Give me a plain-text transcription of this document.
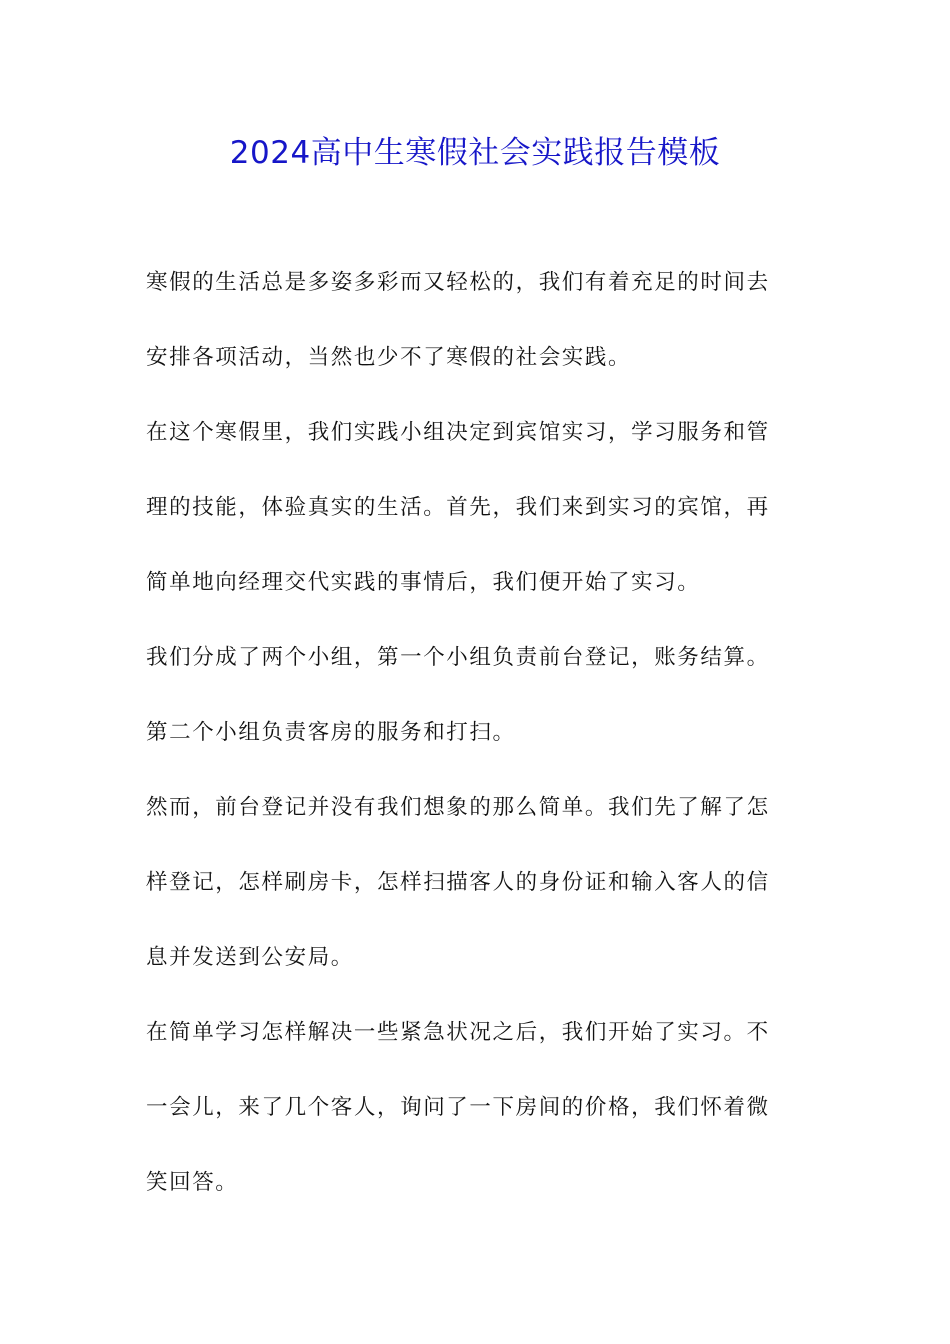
2024高中生寒假社会实践报告模板
寒假的生活总是多姿多彩而又轻松的，我们有着充足的时间去
安排各项活动，当然也少不了寒假的社会实践。
在这个寒假里，我们实践小组决定到宾馆实习，学习服务和管
理的技能，体验真实的生活。首先，我们来到实习的宾馆，再
简单地向经理交代实践的事情后，我们便开始了实习。
我们分成了两个小组，第一个小组负责前台登记，账务结算。
第二个小组负责客房的服务和打扫。
然而，前台登记并没有我们想象的那么简单。我们先了解了怎
样登记，怎样刷房卡，怎样扫描客人的身份证和输入客人的信
息并发送到公安局。
在简单学习怎样解决一些紧急状况之后，我们开始了实习。不
一会儿，来了几个客人，询问了一下房间的价格，我们怀着微
笑回答。
